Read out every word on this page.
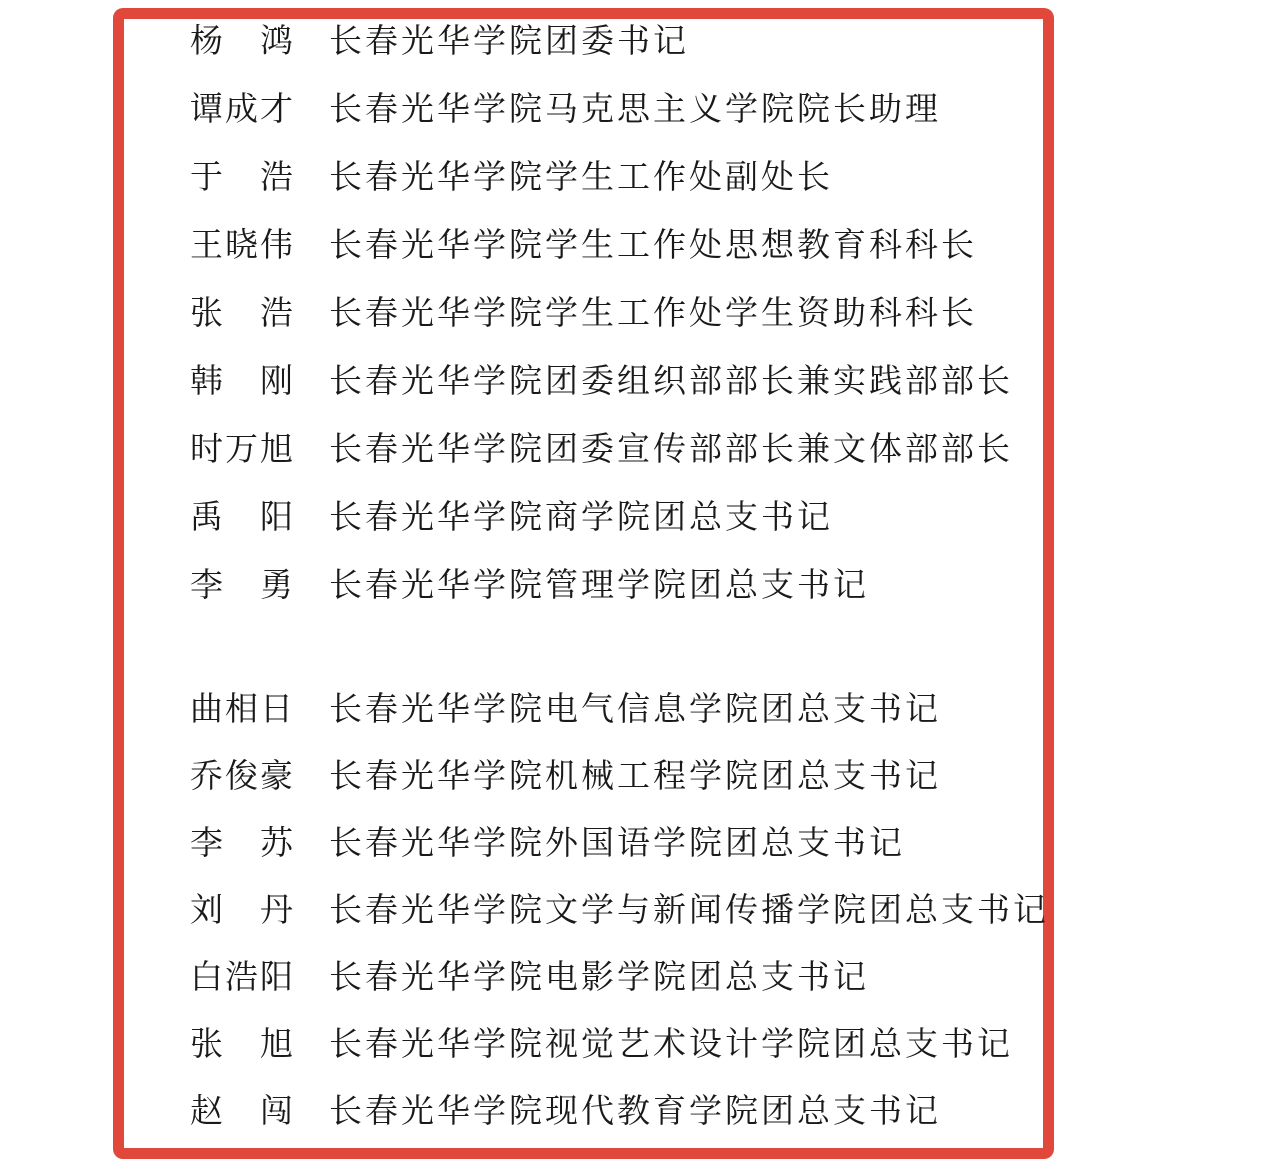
杨　鸿 长春光华学院团委书记
谭成才 长春光华学院马克思主义学院院长助理
于　浩 长春光华学院学生工作处副处长
王晓伟 长春光华学院学生工作处思想教育科科长
张　浩 长春光华学院学生工作处学生资助科科长
韩　刚 长春光华学院团委组织部部长兼实践部部长
时万旭 长春光华学院团委宣传部部长兼文体部部长
禹　阳 长春光华学院商学院团总支书记
李　勇 长春光华学院管理学院团总支书记
曲相日 长春光华学院电气信息学院团总支书记
乔俊豪 长春光华学院机械工程学院团总支书记
李　苏 长春光华学院外国语学院团总支书记
刘　丹 长春光华学院文学与新闻传播学院团总支书记
白浩阳 长春光华学院电影学院团总支书记
张　旭 长春光华学院视觉艺术设计学院团总支书记
赵　闯 长春光华学院现代教育学院团总支书记
